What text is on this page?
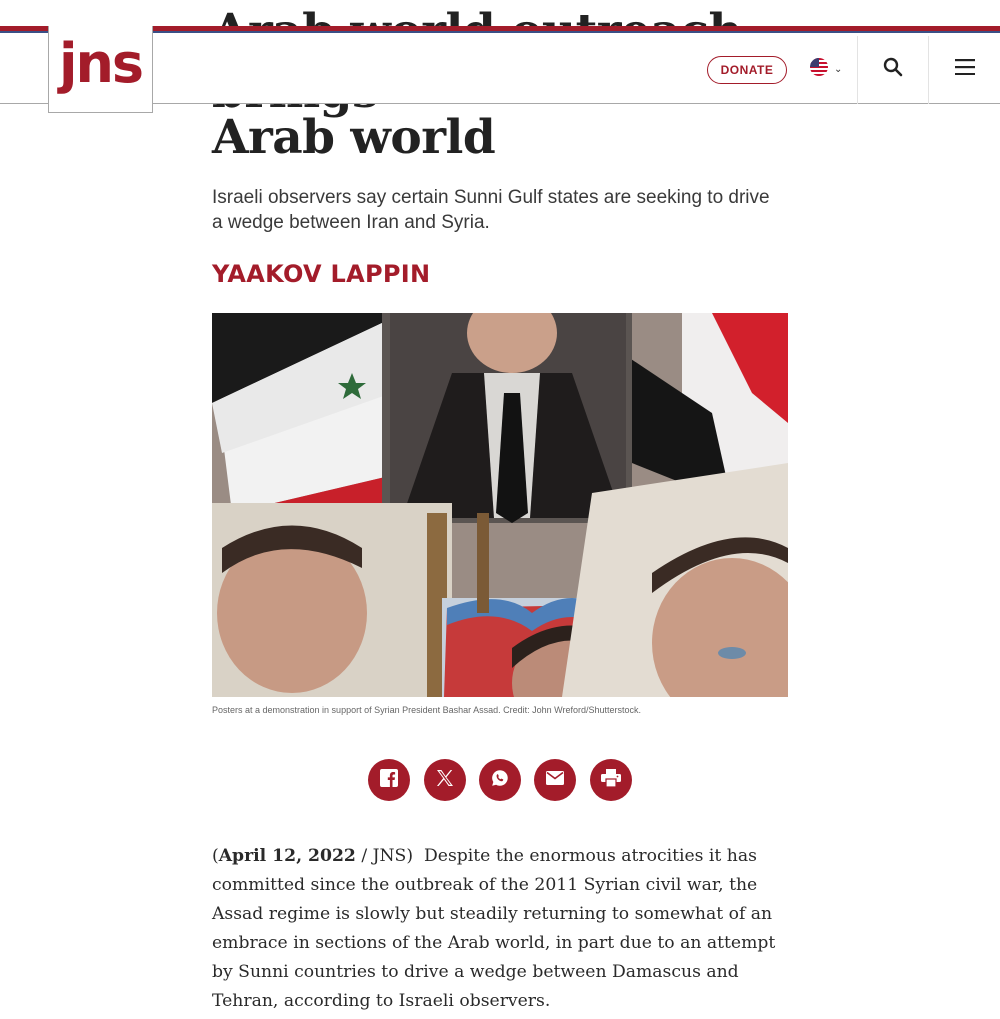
DONATE	⌄
jns
Arab world
Israeli observers say certain Sunni Gulf states are seeking to drive a wedge between Iran and Syria.
YAAKOV LAPPIN
Posters at a demonstration in support of Syrian President Bashar Assad. Credit: John Wreford/Shutterstock.
(April 12, 2022 / JNS) Despite the enormous atrocities it has committed since the outbreak of the 2011 Syrian civil war, the Assad regime is slowly but steadily returning to somewhat of an embrace in sections of the Arab world, in part due to an attempt by Sunni countries to drive a wedge between Damascus and Tehran, according to Israeli observers.
